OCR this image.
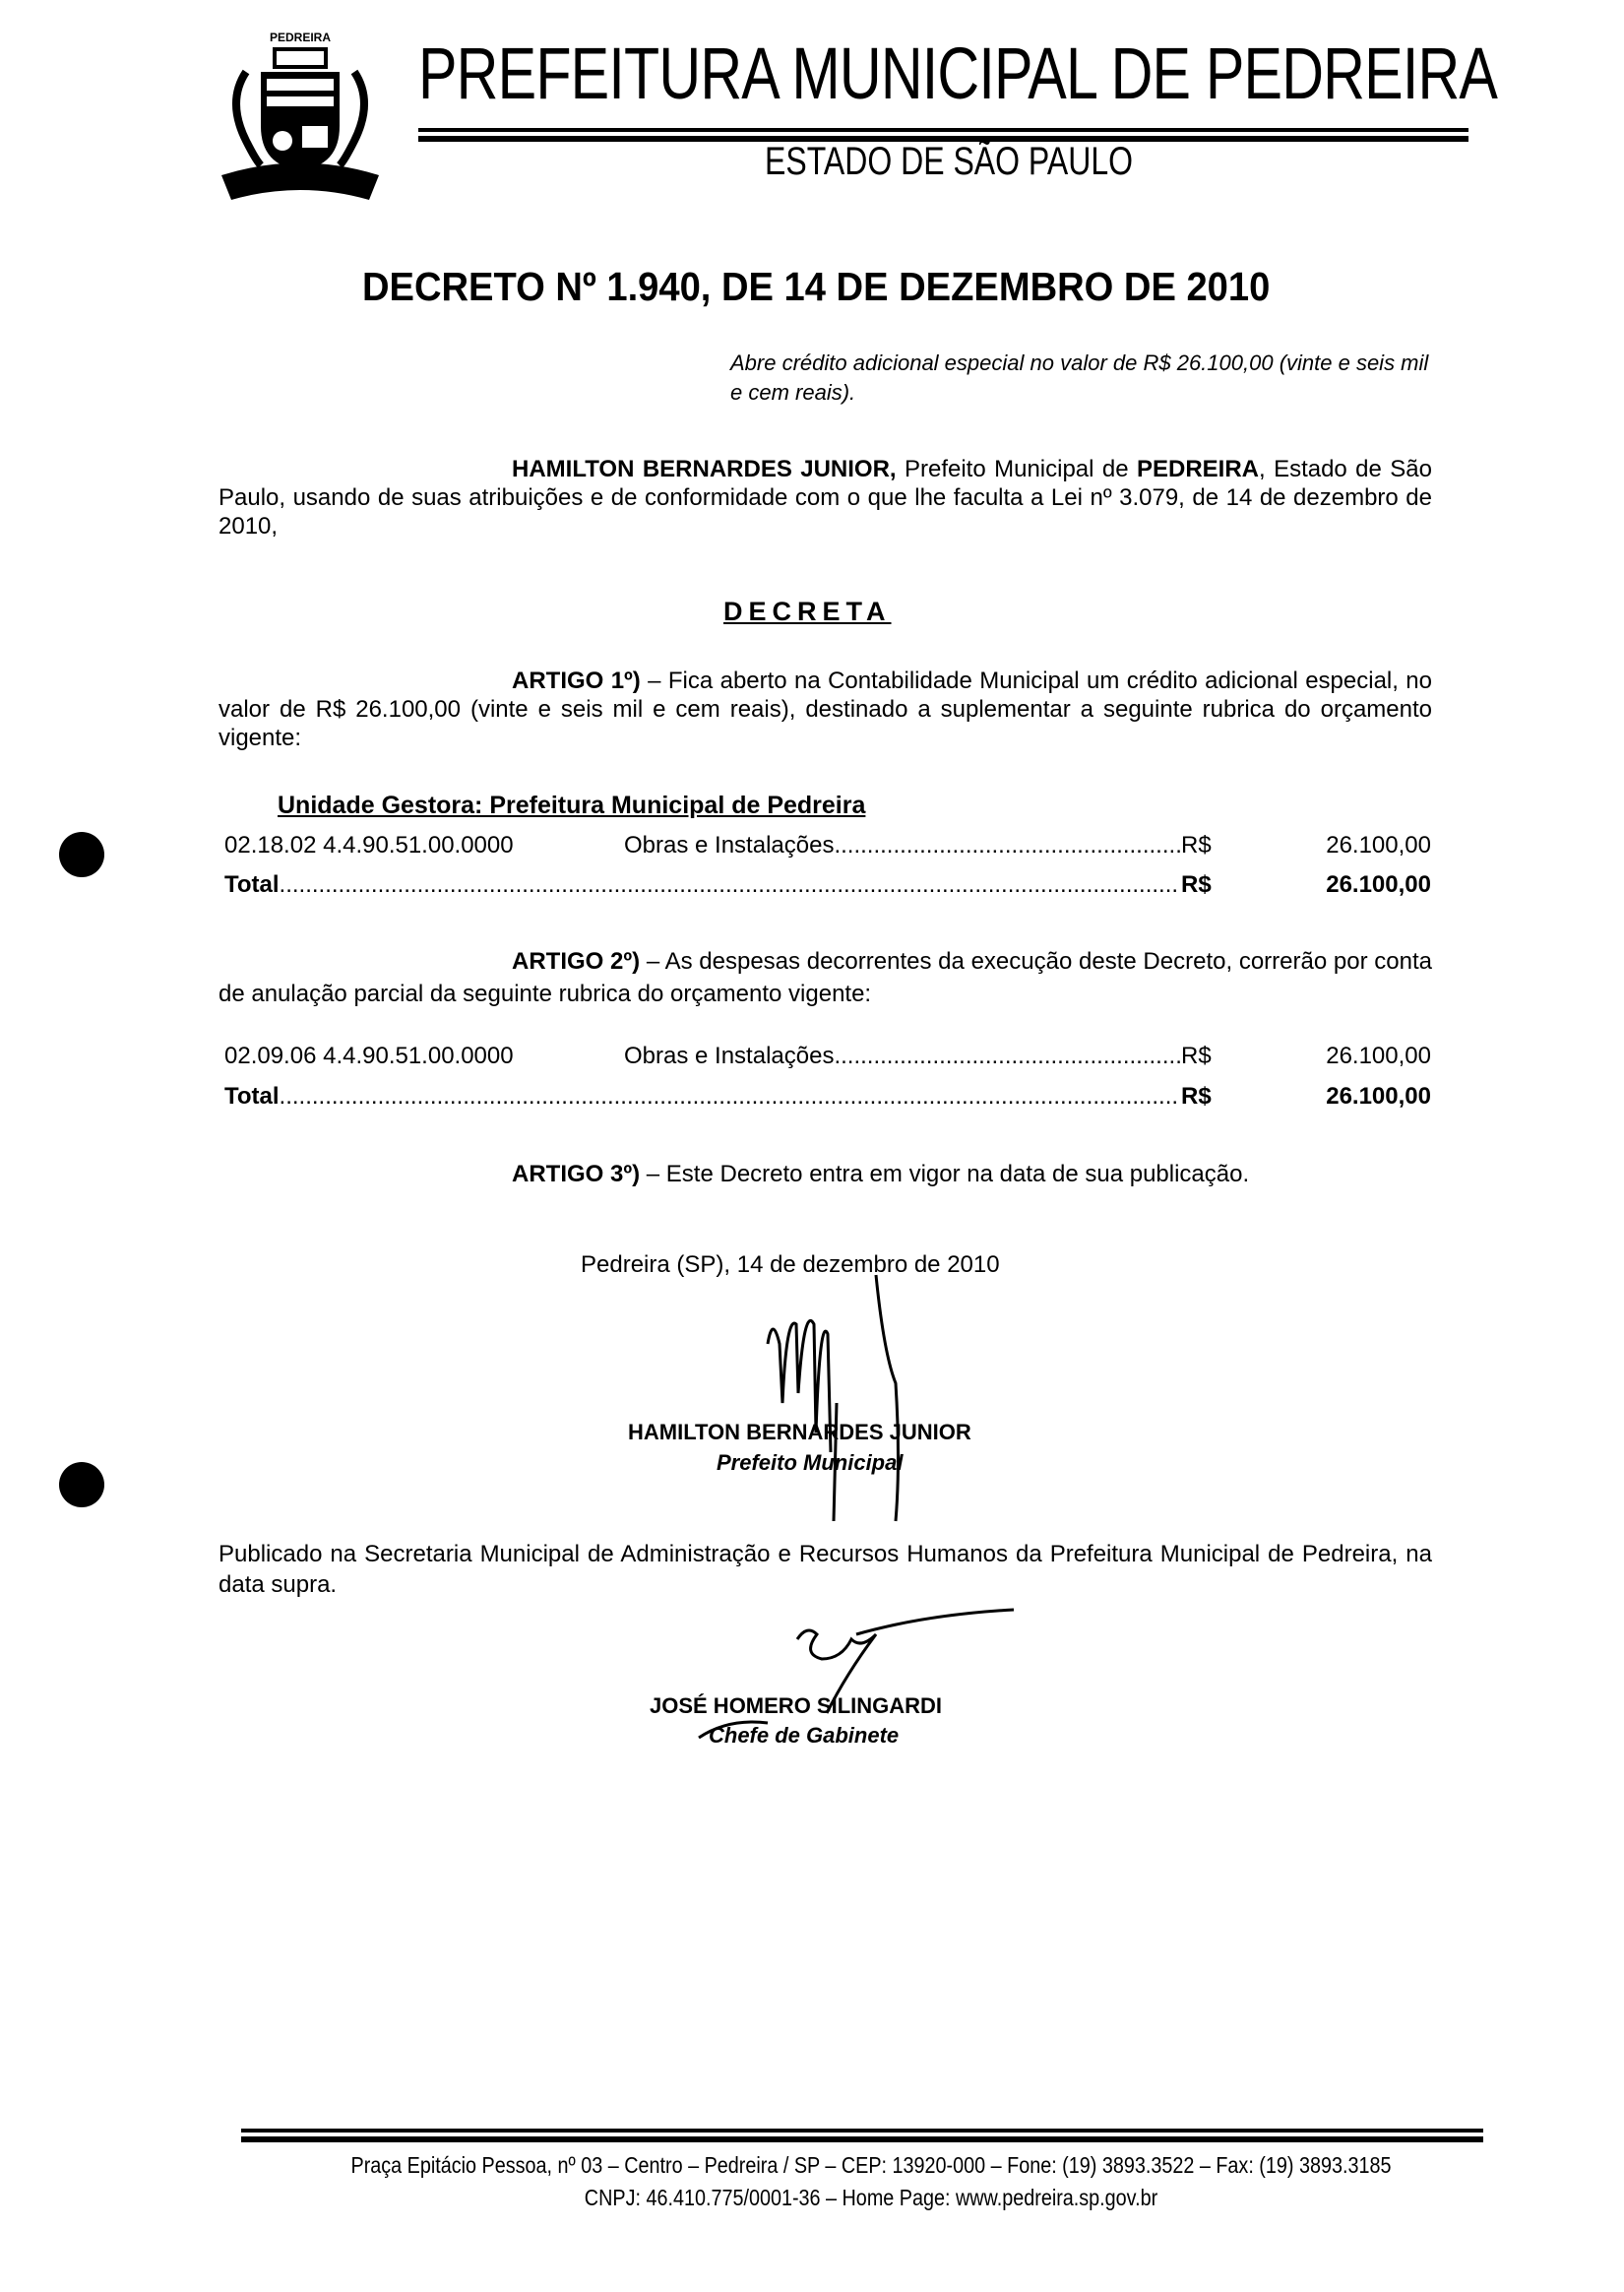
PEDREIRA PREFEITURA MUNICIPAL DE PEDREIRA
ESTADO DE SÃO PAULO
DECRETO Nº 1.940, DE 14 DE DEZEMBRO DE 2010
Abre crédito adicional especial no valor de R$ 26.100,00 (vinte e seis mil e cem reais).
HAMILTON BERNARDES JUNIOR, Prefeito Municipal de PEDREIRA, Estado de São Paulo, usando de suas atribuições e de conformidade com o que lhe faculta a Lei nº 3.079, de 14 de dezembro de 2010,
DECRETA
ARTIGO 1º) – Fica aberto na Contabilidade Municipal um crédito adicional especial, no valor de R$ 26.100,00 (vinte e seis mil e cem reais), destinado a suplementar a seguinte rubrica do orçamento vigente:
Unidade Gestora: Prefeitura Municipal de Pedreira
02.18.02 4.4.90.51.00.0000	Obras e Instalações .....	R$	26.100,00
Total .....	R$	26.100,00
ARTIGO 2º) – As despesas decorrentes da execução deste Decreto, correrão por conta de anulação parcial da seguinte rubrica do orçamento vigente:
02.09.06 4.4.90.51.00.0000	Obras e Instalações .....	R$	26.100,00
Total .....	R$	26.100,00
ARTIGO 3º) – Este Decreto entra em vigor na data de sua publicação.
Pedreira (SP), 14 de dezembro de 2010
HAMILTON BERNARDES JUNIOR
Prefeito Municipal
Publicado na Secretaria Municipal de Administração e Recursos Humanos da Prefeitura Municipal de Pedreira, na data supra.
JOSÉ HOMERO SILINGARDI
Chefe de Gabinete
Praça Epitácio Pessoa, nº 03 – Centro – Pedreira / SP – CEP: 13920-000 – Fone: (19) 3893.3522 – Fax: (19) 3893.3185
CNPJ: 46.410.775/0001-36 – Home Page: www.pedreira.sp.gov.br
